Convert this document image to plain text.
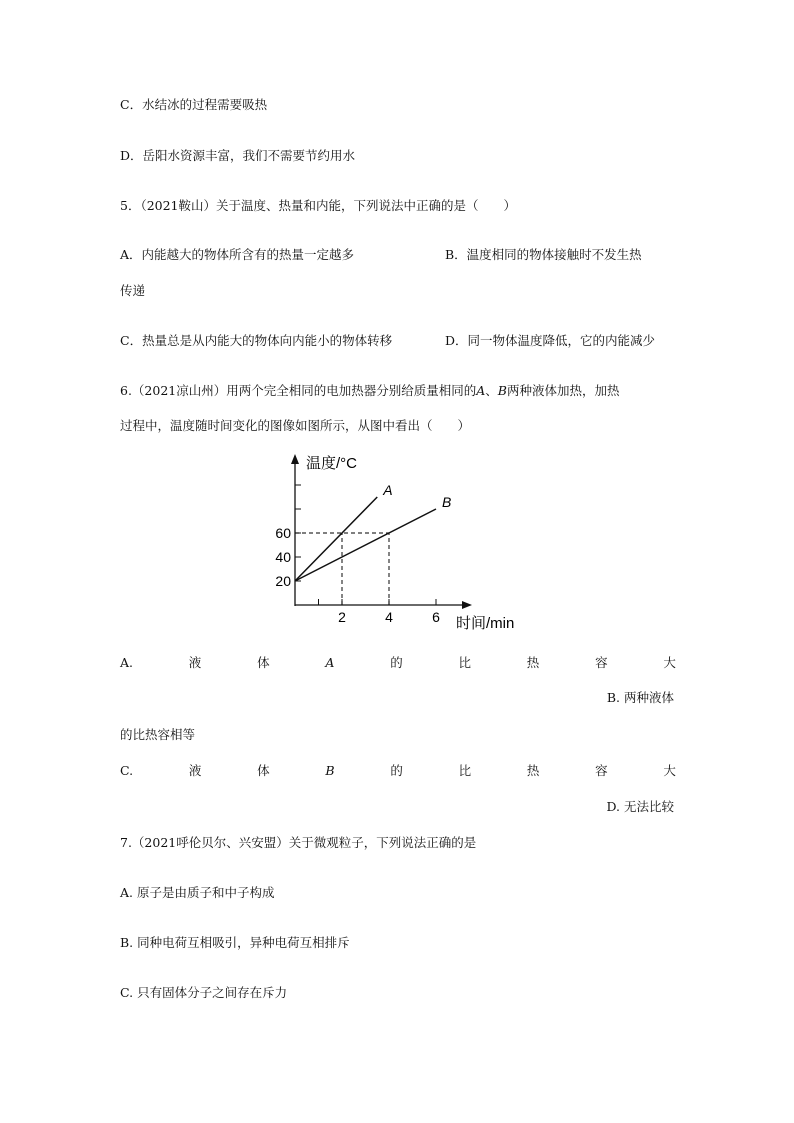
C．水结冰的过程需要吸热
D．岳阳水资源丰富，我们不需要节约用水
5．（2021鞍山）关于温度、热量和内能，下列说法中正确的是（　　）
A．内能越大的物体所含有的热量一定越多	B．温度相同的物体接触时不发生热
传递
C．热量总是从内能大的物体向内能小的物体转移	D．同一物体温度降低，它的内能减少
6.（2021凉山州）用两个完全相同的电加热器分别给质量相同的A、B两种液体加热，加热
过程中，温度随时间变化的图像如图所示，从图中看出（　　）
20
40
60
2	4	6
A
B
温度/°C
时间/min
A.	液	体	A	的	比	热	容	大
B. 两种液体
的比热容相等
C.	液	体	B	的	比	热	容	大
D. 无法比较
7.（2021呼伦贝尔、兴安盟）关于微观粒子，下列说法正确的是
A. 原子是由质子和中子构成
B. 同种电荷互相吸引，异种电荷互相排斥
C. 只有固体分子之间存在斥力
